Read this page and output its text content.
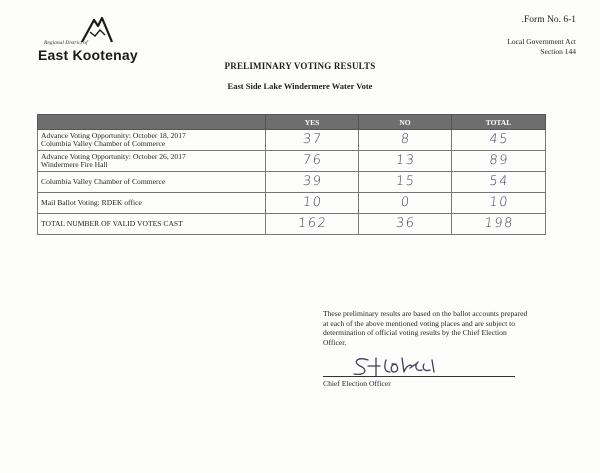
Regional District of
East Kootenay
.Form No. 6-1
Local Government Act
Section 144
PRELIMINARY VOTING RESULTS
East Side Lake Windermere Water Vote
	YES	NO	TOTAL

Advance Voting Opportunity: October 18, 2017
Columbia Valley Chamber of Commerce	37	8	45

Advance Voting Opportunity: October 26, 2017
Windermere Fire Hall	76	13	89
Columbia Valley Chamber of Commerce	39	15	54
Mail Ballot Voting: RDEK office	10	0	10
TOTAL NUMBER OF VALID VOTES CAST	162	36	198
These preliminary results are based on the ballot accounts prepared at each of the above mentioned voting places and are subject to determination of official voting results by the Chief Election Officer.
Chief Election Officer
